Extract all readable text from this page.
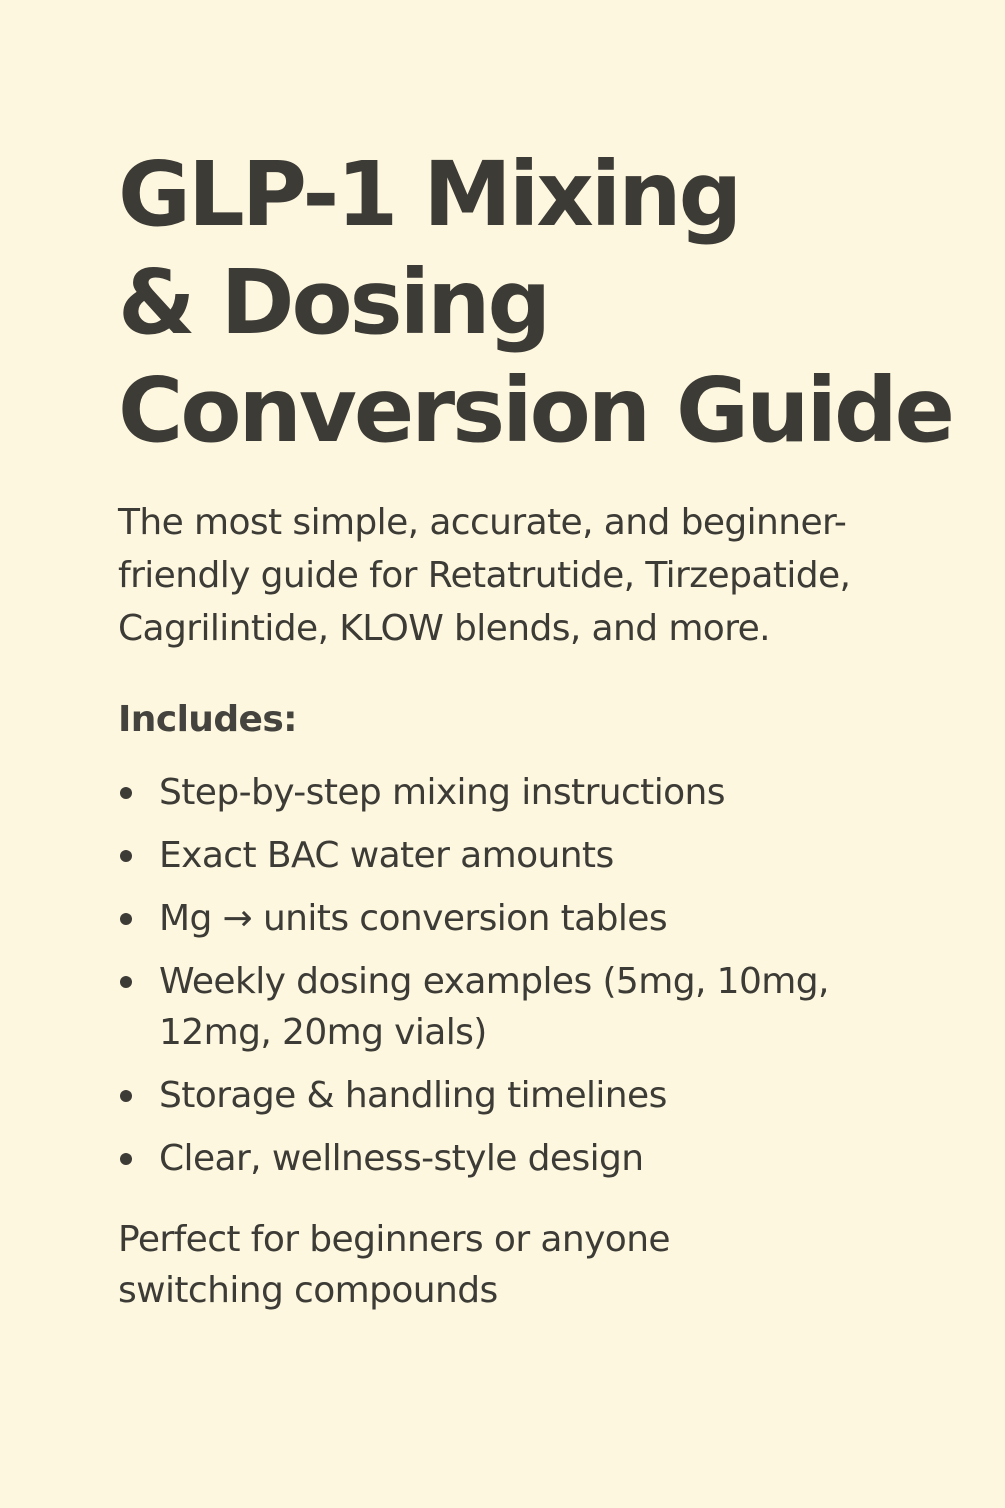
GLP-1 Mixing
& Dosing
Conversion Guide

The most simple, accurate, and beginner-friendly guide for Retatrutide, Tirzepatide, Cagrilintide, KLOW blends, and more.

Includes:
Step-by-step mixing instructions
Exact BAC water amounts
Mg → units conversion tables
Weekly dosing examples (5mg, 10mg, 12mg, 20mg vials)
Storage & handling timelines
Clear, wellness-style design

Perfect for beginners or anyone switching compounds
